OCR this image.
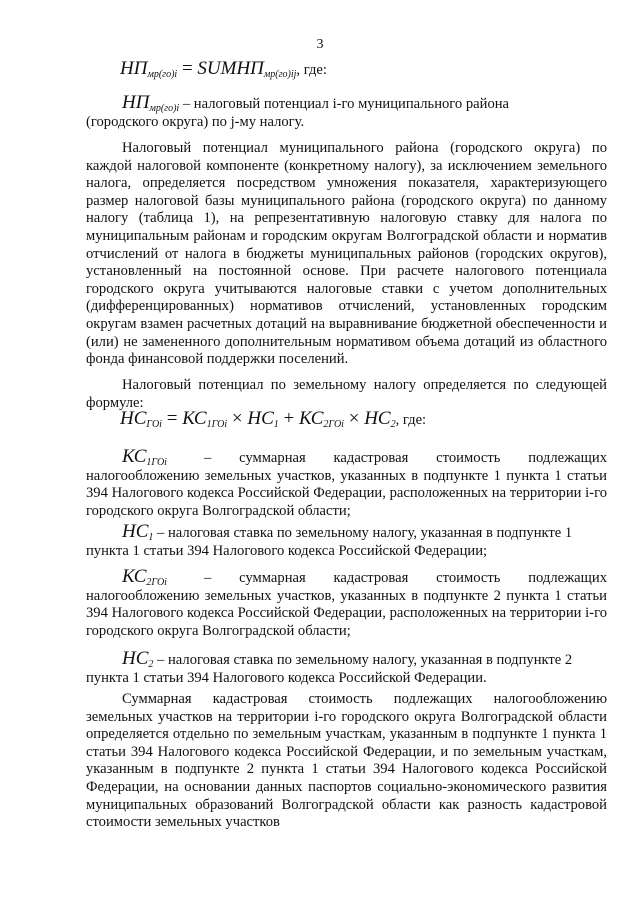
3
$НП_{мр(го)i}$ = $SUMНП_{мр(го)ij}$, где:
$НП_{мр(го)i}$ – налоговый потенциал i-го муниципального района
(городского округа) по j-му налогу.
Налоговый потенциал муниципального района (городского округа) по каждой налоговой компоненте (конкретному налогу), за исключением земельного налога, определяется посредством умножения показателя, характеризующего размер налоговой базы муниципального района (городского округа) по данному налогу (таблица 1), на репрезентативную налоговую ставку для налога по муниципальным районам и городским округам Волгоградской области и норматив отчислений от налога в бюджеты муниципальных районов (городских округов), установленный на постоянной основе. При расчете налогового потенциала городского округа учитываются налоговые ставки с учетом дополнительных (дифференцированных) нормативов отчислений, установленных городским округам взамен расчетных дотаций на выравнивание бюджетной обеспеченности и (или) не замененного дополнительным нормативом объема дотаций из областного фонда финансовой поддержки поселений.
Налоговый потенциал по земельному налогу определяется по следующей формуле:
$НС_{ГОi} = КС_{1ГОi} \times НС_1 + КС_{2ГОi} \times НС_2$, где:
$КС_{1ГОi}$	– суммарная кадастровая стоимость подлежащих
налогообложению земельных участков, указанных в подпункте 1 пункта 1 статьи 394 Налогового кодекса Российской Федерации, расположенных на территории i-го городского округа Волгоградской области;
$НС_1$ – налоговая ставка по земельному налогу, указанная в подпункте 1
пункта 1 статьи 394 Налогового кодекса Российской Федерации;
$КС_{2ГОi}$	– суммарная кадастровая стоимость подлежащих
налогообложению земельных участков, указанных в подпункте 2 пункта 1 статьи 394 Налогового кодекса Российской Федерации, расположенных на территории i-го городского округа Волгоградской области;
$НС_2$ – налоговая ставка по земельному налогу, указанная в подпункте 2
пункта 1 статьи 394 Налогового кодекса Российской Федерации.
Суммарная кадастровая стоимость подлежащих налогообложению земельных участков на территории i-го городского округа Волгоградской области определяется отдельно по земельным участкам, указанным в подпункте 1 пункта 1 статьи 394 Налогового кодекса Российской Федерации, и по земельным участкам, указанным в подпункте 2 пункта 1 статьи 394 Налогового кодекса Российской Федерации, на основании данных паспортов социально-экономического развития муниципальных образований Волгоградской области как разность кадастровой стоимости земельных участков
